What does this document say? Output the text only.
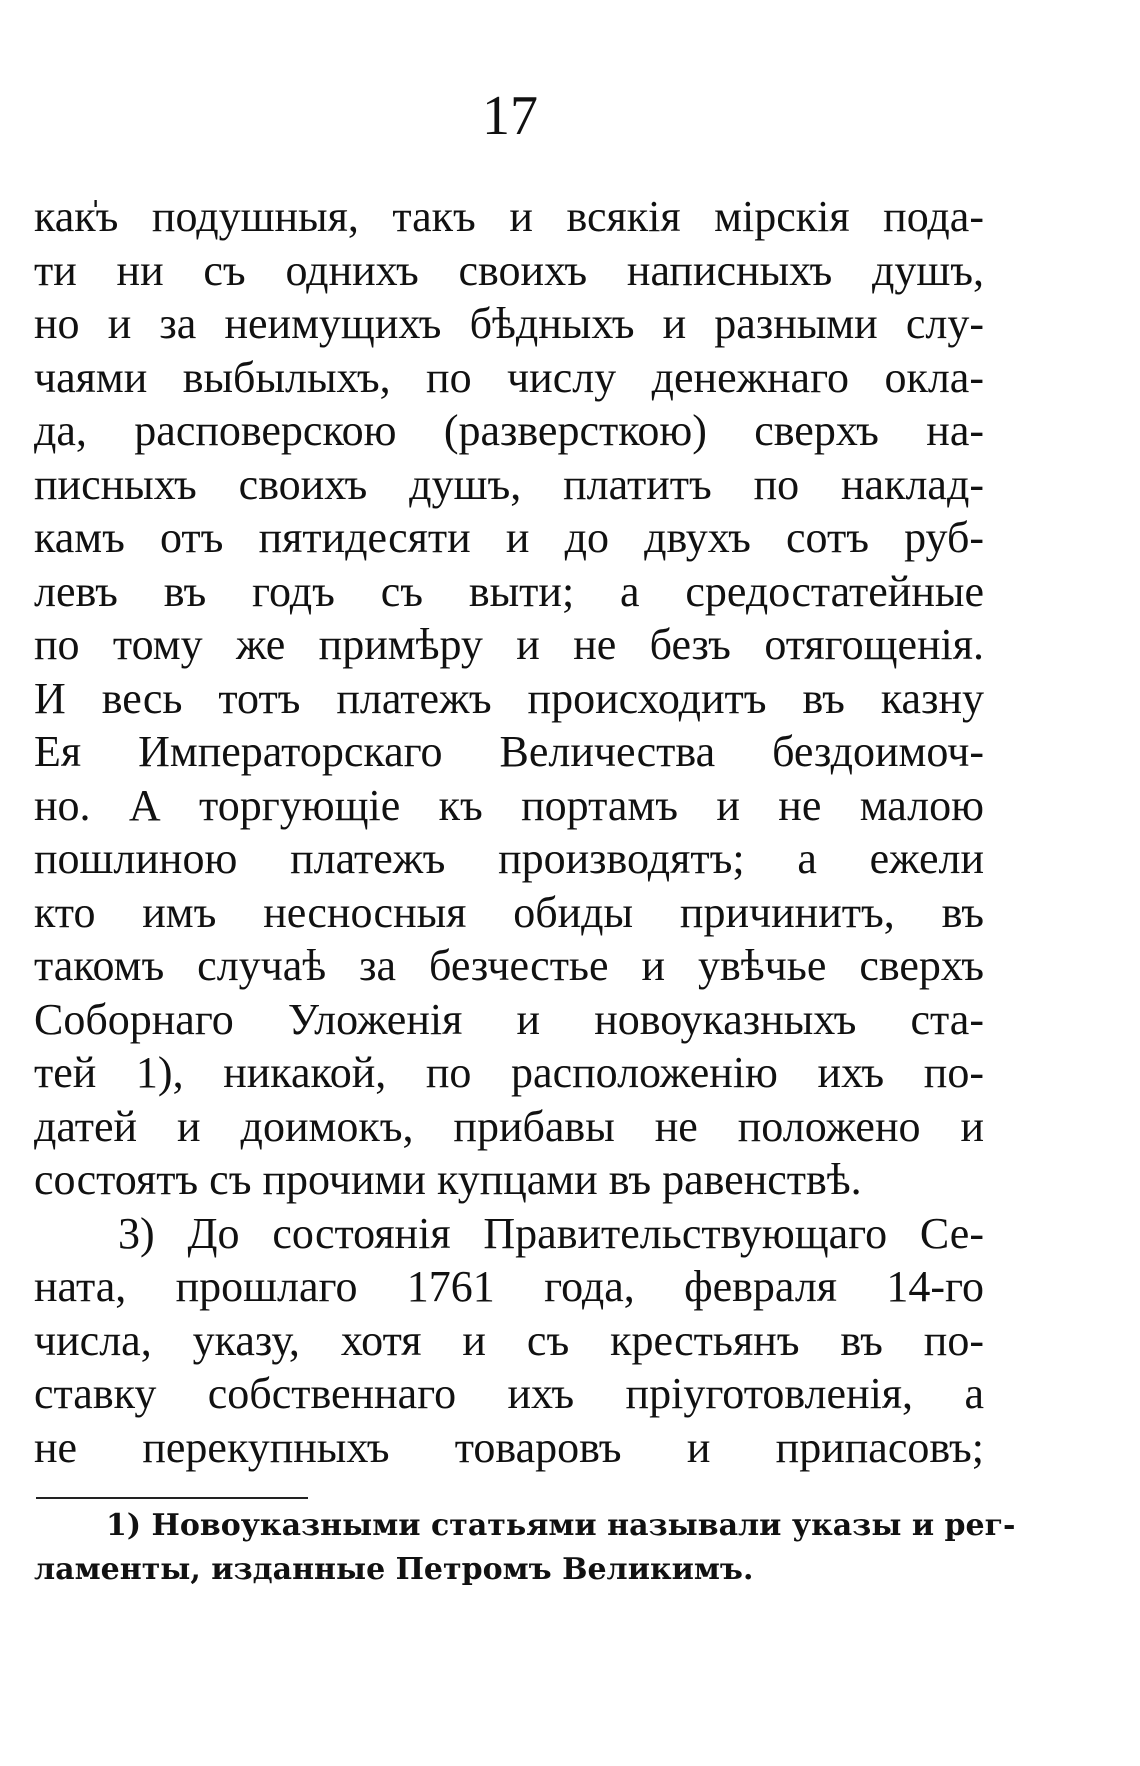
17
как̍ъ подушныя, такъ и всякія мірскія пода-
ти ни съ однихъ своихъ написныхъ душъ,
но и за неимущихъ бѣдныхъ и разными слу-
чаями выбылыхъ, по числу денежнаго окла-
да, расповерскою (разверсткою) сверхъ на-
писныхъ своихъ душъ, платитъ по наклад-
камъ отъ пятидесяти и до двухъ сотъ руб-
левъ въ годъ съ выти; а средостатейные
по тому же примѣру и не безъ отягощенія.
И весь тотъ платежъ происходитъ въ казну
Ея Императорскаго Величества бездоимоч-
но. А торгующіе къ портамъ и не малою
пошлиною платежъ производятъ; а ежели
кто имъ несносныя обиды причинитъ, въ
такомъ случаѣ за безчестье и увѣчье сверхъ
Соборнаго Уложенія и новоуказныхъ ста-
тей 1), никакой, по расположенію ихъ по-
датей и доимокъ, прибавы не положено и
состоятъ съ прочими купцами въ равенствѣ.
3) До состоянія Правительствующаго Се-
ната, прошлаго 1761 года, февраля 14-го
числа, указу, хотя и съ крестьянъ въ по-
ставку собственнаго ихъ пріуготовленія, а
не перекупныхъ товаровъ и припасовъ;
1) Новоуказными статьями называли указы и рег-
ламенты, изданные Петромъ Великимъ.
